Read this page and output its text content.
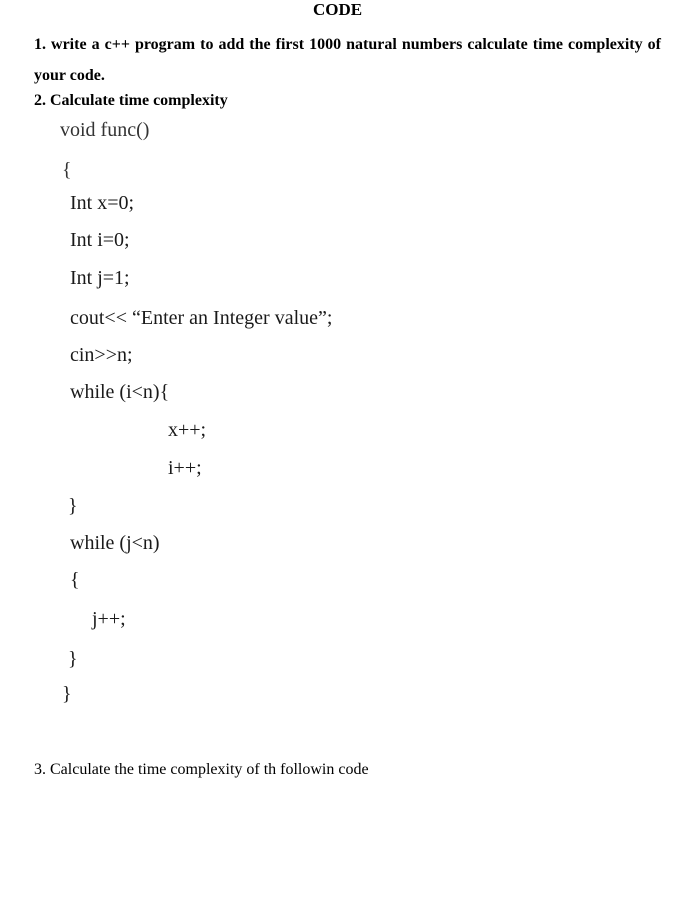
CODE
1. write a c++ program to add the first 1000 natural numbers calculate time complexity of your code.
2. Calculate time complexity
void func()
{
Int x=0;
Int i=0;
Int j=1;
cout<< “Enter an Integer value”;
cin>>n;
while (i<n){
x++;
i++;
}
while (j<n)
{
j++;
}
}
3. Calculate the time complexity of th followin code
